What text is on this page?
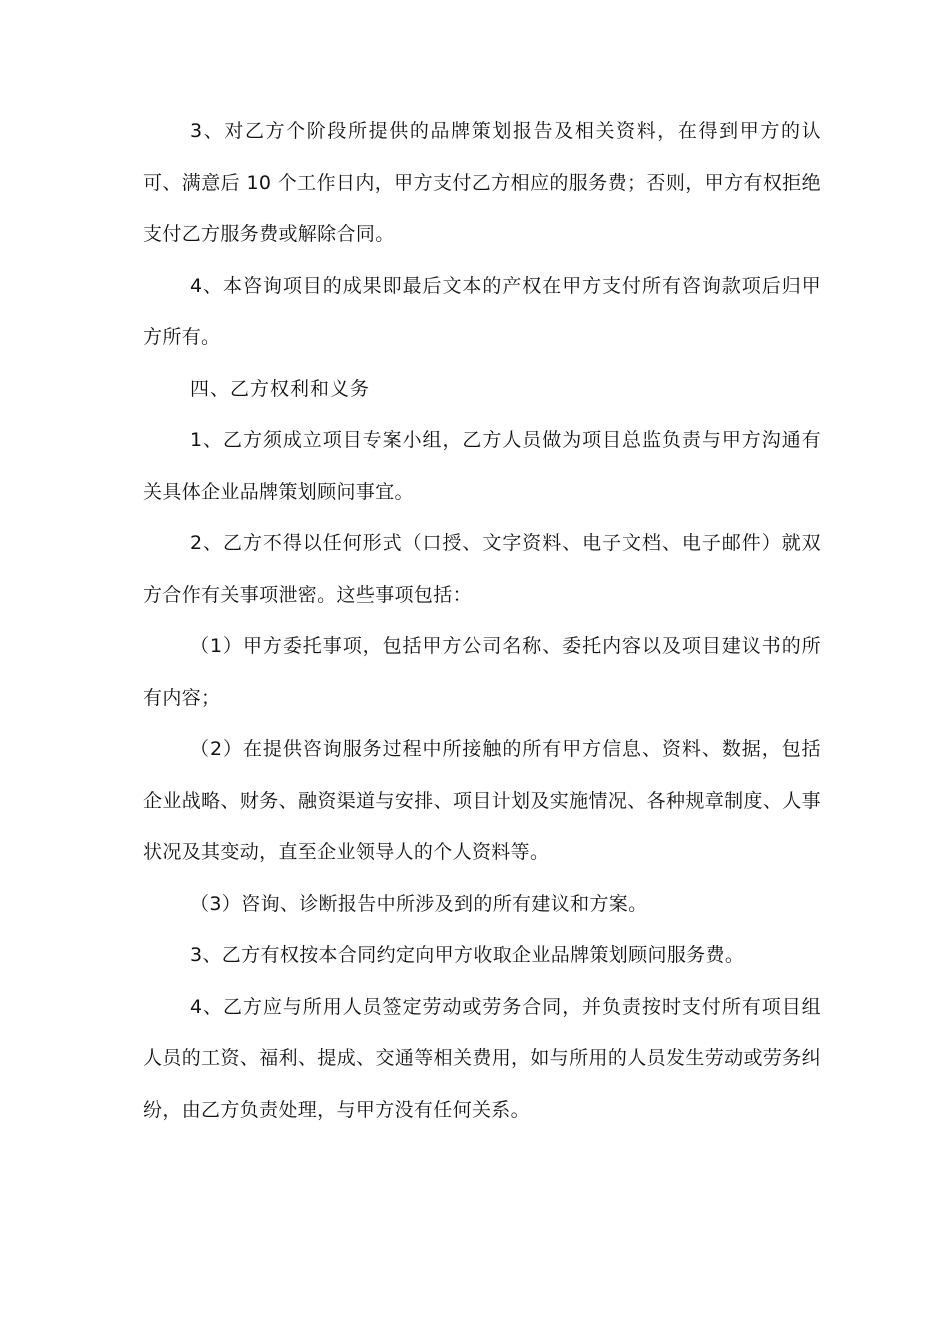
3、对乙方个阶段所提供的品牌策划报告及相关资料，在得到甲方的认可、满意后 10 个工作日内，甲方支付乙方相应的服务费；否则，甲方有权拒绝支付乙方服务费或解除合同。

4、本咨询项目的成果即最后文本的产权在甲方支付所有咨询款项后归甲方所有。

四、乙方权利和义务

1、乙方须成立项目专案小组，乙方人员做为项目总监负责与甲方沟通有关具体企业品牌策划顾问事宜。

2、乙方不得以任何形式（口授、文字资料、电子文档、电子邮件）就双方合作有关事项泄密。这些事项包括：

（1）甲方委托事项，包括甲方公司名称、委托内容以及项目建议书的所有内容；

（2）在提供咨询服务过程中所接触的所有甲方信息、资料、数据，包括企业战略、财务、融资渠道与安排、项目计划及实施情况、各种规章制度、人事状况及其变动，直至企业领导人的个人资料等。

（3）咨询、诊断报告中所涉及到的所有建议和方案。

3、乙方有权按本合同约定向甲方收取企业品牌策划顾问服务费。

4、乙方应与所用人员签定劳动或劳务合同，并负责按时支付所有项目组人员的工资、福利、提成、交通等相关费用，如与所用的人员发生劳动或劳务纠纷，由乙方负责处理，与甲方没有任何关系。
